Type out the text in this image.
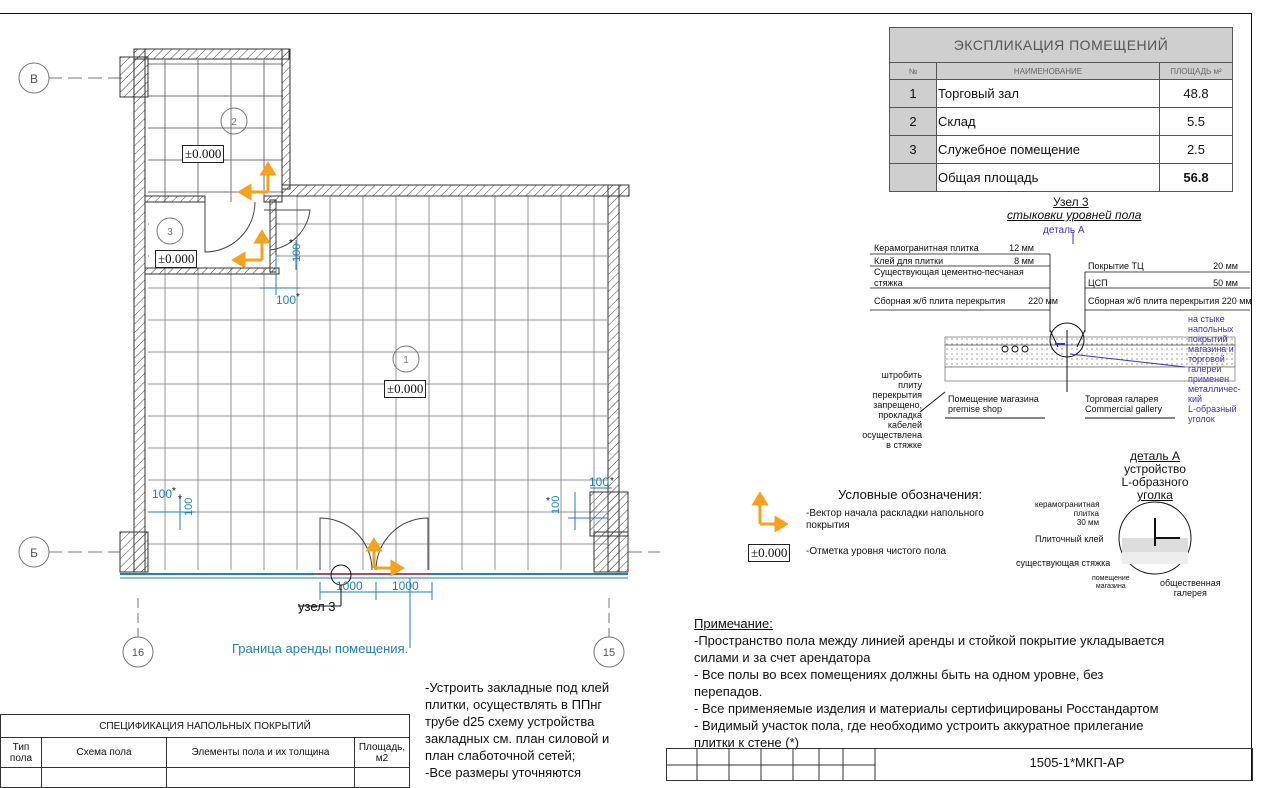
В
Б
16	15
2
3
1
100 *
100
*
100 *
* 100
100 *
100
*
1000 1000
узел 3
Граница аренды помещения.
±0.000
±0.000
±0.000
ЭКСПЛИКАЦИЯ ПОМЕЩЕНИЙ		
№	НАИМЕНОВАНИЕ	ПЛОЩАДЬ м²
1	Торговый зал	48.8
2	Склад	5.5
3	Служебное помещение	2.5
	Общая площадь	56.8
Узел 3
стыковки уровней пола
деталь А
Керамогранитная плитка	12 мм
Клей для плитки	8 мм
Существующая цементно-песчаная
стяжка
Сборная ж/б плита перекрытия	220 мм
Покрытие ТЦ	20 мм
ЦСП	50 мм
Сборная ж/б плита перекрытия 220 мм
на стыке
напольных
покрытий
магазина и
торговой
галереи
применен
металличес-
кий
L-образный
уголок
штробить
плиту
перекрытия
запрещено,
прокладка
кабелей
осуществлена
в стяжке
Помещение магазина
premise shop
Торговая галарея
Commercial gallery
деталь А
устройство
L-образного
уголка
керамогранитная
плитка
30 мм
Плиточный клей
существующая стяжка
помещение
магазина	общественная
галерея
Условные обозначения:
-Вектор начала раскладки напольного
покрытия
±0.000	-Отметка уровня чистого пола
Примечание:
-Пространство пола между линией аренды и стойкой покрытие укладывается
силами и за счет арендатора
- Все полы во всех помещениях должны быть на одном уровне, без
перепадов.
- Все применяемые изделия и материалы сертифицированы Росстандартом
- Видимый участок пола, где необходимо устроить аккуратное прилегание
плитки к стене (*)
-Устроить закладные под клей
плитки, осуществлять в ППнг
трубе d25 схему устройства
закладных см. план силовой и
план слаботочной сетей;
-Все размеры уточняются
СПЕЦИФИКАЦИЯ НАПОЛЬНЫХ ПОКРЫТИЙ			
Тип пола	Схема пола	Элементы пола и их толщина	Площадь, м2
				1505-1*МКП-АР
